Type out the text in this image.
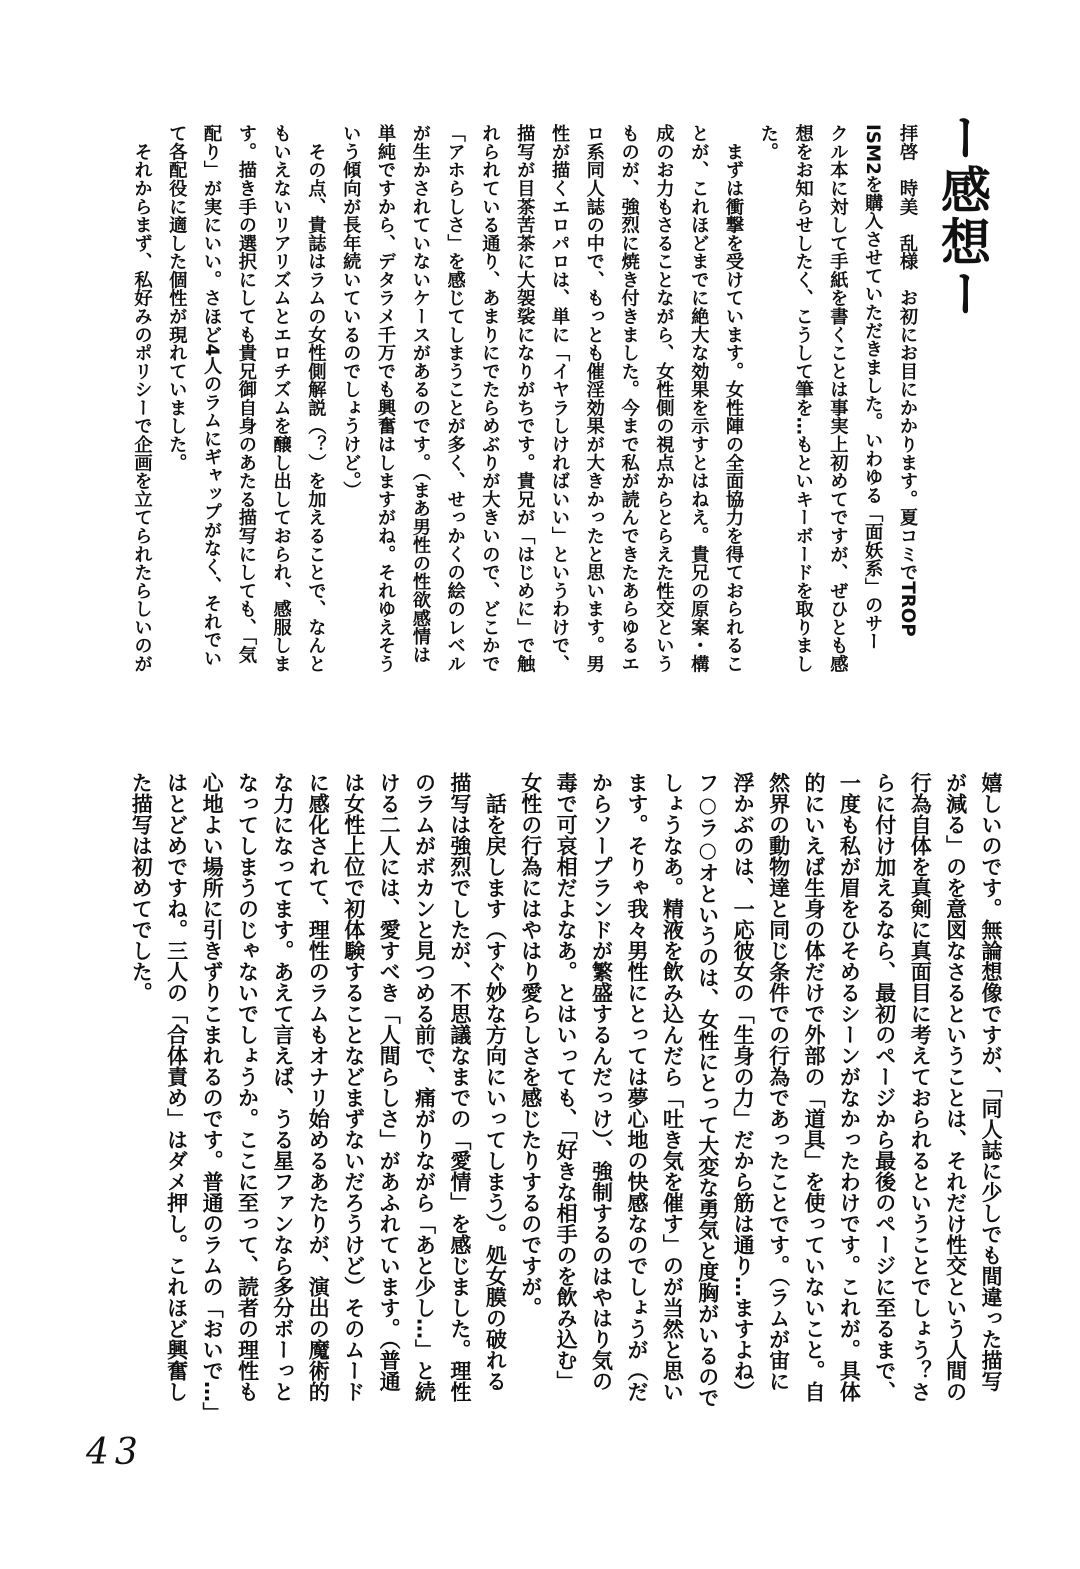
ー感想ー
拝啓　時美　乱様　お初にお目にかかります。夏コミでTROP
ISM2を購入させていただきました。いわゆる「面妖系」のサー
クル本に対して手紙を書くことは事実上初めてですが、ぜひとも感
想をお知らせしたく、こうして筆を…もといキーボードを取りまし
た。
　まずは衝撃を受けています。女性陣の全面協力を得ておられるこ
とが、これほどまでに絶大な効果を示すとはねえ。貴兄の原案・構
成のお力もさることながら、女性側の視点からとらえた性交という
ものが、強烈に焼き付きました。今まで私が読んできたあらゆるエ
ロ系同人誌の中で、もっとも催淫効果が大きかったと思います。男
性が描くエロパロは、単に「イヤラしければいい」というわけで、
描写が目茶苦茶に大袈裟になりがちです。貴兄が「はじめに」で触
れられている通り、あまりにでたらめぶりが大きいので、どこかで
「アホらしさ」を感じてしまうことが多く、せっかくの絵のレベル
が生かされていないケースがあるのです。（まあ男性の性欲感情は
単純ですから、デタラメ千万でも興奮はしますがね。それゆえそう
いう傾向が長年続いているのでしょうけど。）
　その点、貴誌はラムの女性側解説（？）を加えることで、なんと
もいえないリアリズムとエロチズムを醸し出しておられ、感服しま
す。描き手の選択にしても貴兄御自身のあたる描写にしても、「気
配り」が実にいい。さほど4人のラムにギャップがなく、それでい
て各配役に適した個性が現れていました。
　それからまず、私好みのポリシーで企画を立てられたらしいのが
嬉しいのです。無論想像ですが、「同人誌に少しでも間違った描写
が減る」のを意図なさるということは、それだけ性交という人間の
行為自体を真剣に真面目に考えておられるということでしょう？さ
らに付け加えるなら、最初のページから最後のページに至るまで、
一度も私が眉をひそめるシーンがなかったわけです。これが。具体
的にいえば生身の体だけで外部の「道具」を使っていないこと。自
然界の動物達と同じ条件での行為であったことです。（ラムが宙に
浮かぶのは、一応彼女の「生身の力」だから筋は通り…ますよね）
フ○ラ○オというのは、女性にとって大変な勇気と度胸がいるので
しょうなあ。精液を飲み込んだら「吐き気を催す」のが当然と思い
ます。そりゃ我々男性にとっては夢心地の快感なのでしょうが（だ
からソープランドが繁盛するんだっけ）、強制するのはやはり気の
毒で可哀相だよなあ。とはいっても、「好きな相手のを飲み込む」
女性の行為にはやはり愛らしさを感じたりするのですが。
　話を戻します（すぐ妙な方向にいってしまう）。処女膜の破れる
描写は強烈でしたが、不思議なまでの「愛情」を感じました。理性
のラムがボカンと見つめる前で、痛がりながら「あと少し…」と続
ける二人には、愛すべき「人間らしさ」があふれています。（普通
は女性上位で初体験することなどまずないだろうけど）そのムード
に感化されて、理性のラムもオナリ始めるあたりが、演出の魔術的
な力になってます。あえて言えば、うる星ファンなら多分ボーっと
なってしまうのじゃないでしょうか。ここに至って、読者の理性も
心地よい場所に引きずりこまれるのです。普通のラムの「おいで…」
はとどめですね。三人の「合体責め」はダメ押し。これほど興奮し
た描写は初めてでした。
43
